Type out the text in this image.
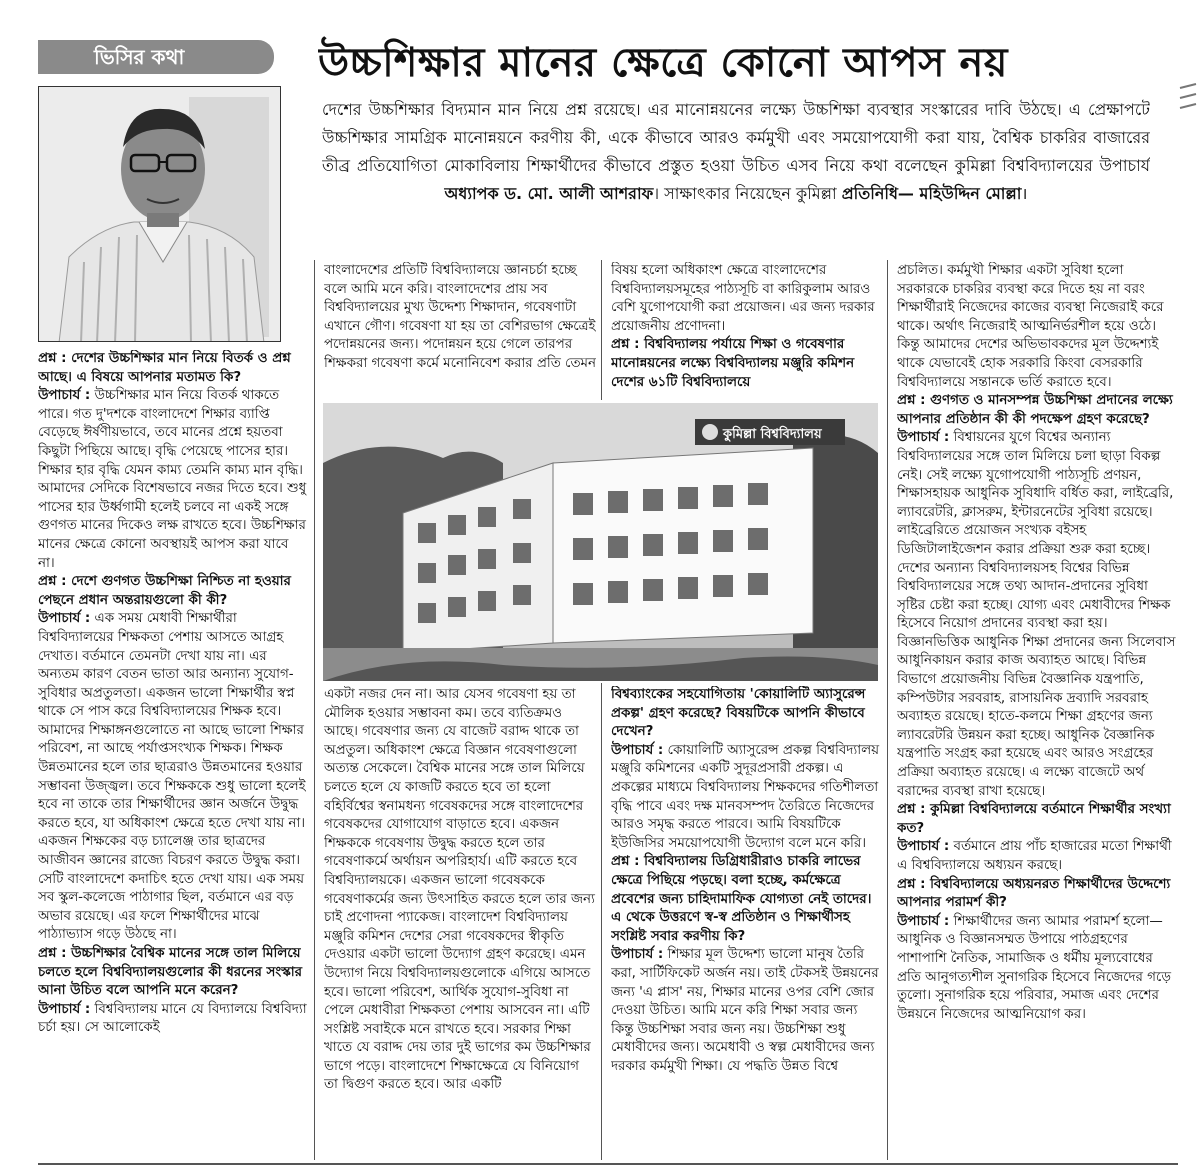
ভিসির কথা	উচ্চশিক্ষার মানের ক্ষেত্রে কোনো আপস নয়
দেশের উচ্চশিক্ষার বিদ্যমান মান নিয়ে প্রশ্ন রয়েছে। এর মানোন্নয়নের লক্ষ্যে উচ্চশিক্ষা ব্যবস্থার সংস্কারের দাবি উঠছে। এ প্রেক্ষাপটে উচ্চশিক্ষার সামগ্রিক মানোন্নয়নে করণীয় কী, একে কীভাবে আরও কর্মমুখী এবং সময়োপযোগী করা যায়, বৈশ্বিক চাকরির বাজারের তীব্র প্রতিযোগিতা মোকাবিলায় শিক্ষার্থীদের কীভাবে প্রস্তুত হওয়া উচিত এসব নিয়ে কথা বলেছেন কুমিল্লা বিশ্ববিদ্যালয়ের উপাচার্য অধ্যাপক ড. মো. আলী আশরাফ। সাক্ষাৎকার নিয়েছেন কুমিল্লা প্রতিনিধি— মহিউদ্দিন মোল্লা।
কুমিল্লা বিশ্ববিদ্যালয়

প্রশ্ন : দেশের উচ্চশিক্ষার মান নিয়ে বিতর্ক ও প্রশ্ন আছে। এ বিষয়ে আপনার মতামত কি?

উপাচার্য : উচ্চশিক্ষার মান নিয়ে বিতর্ক থাকতে পারে। গত দু'দশকে বাংলাদেশে শিক্ষার ব্যাপ্তি বেড়েছে ঈর্ষণীয়ভাবে, তবে মানের প্রশ্নে হয়তবা কিছুটা পিছিয়ে আছে। বৃদ্ধি পেয়েছে পাসের হার। শিক্ষার হার বৃদ্ধি যেমন কাম্য তেমনি কাম্য মান বৃদ্ধি। আমাদের সেদিকে বিশেষভাবে নজর দিতে হবে। শুধু পাসের হার উর্ধ্বগামী হলেই চলবে না একই সঙ্গে গুণগত মানের দিকেও লক্ষ রাখতে হবে। উচ্চশিক্ষার মানের ক্ষেত্রে কোনো অবস্থায়ই আপস করা যাবে না।

প্রশ্ন : দেশে গুণগত উচ্চশিক্ষা নিশ্চিত না হওয়ার পেছনে প্রধান অন্তরায়গুলো কী কী?

উপাচার্য : এক সময় মেধাবী শিক্ষার্থীরা বিশ্ববিদ্যালয়ের শিক্ষকতা পেশায় আসতে আগ্রহ দেখাত। বর্তমানে তেমনটা দেখা যায় না। এর অন্যতম কারণ বেতন ভাতা আর অন্যান্য সুযোগ-সুবিধার অপ্রতুলতা। একজন ভালো শিক্ষার্থীর স্বপ্ন থাকে সে পাস করে বিশ্ববিদ্যালয়ের শিক্ষক হবে। আমাদের শিক্ষাঙ্গনগুলোতে না আছে ভালো শিক্ষার পরিবেশ, না আছে পর্যাপ্তসংখ্যক শিক্ষক। শিক্ষক উন্নতমানের হলে তার ছাত্ররাও উন্নতমানের হওয়ার সম্ভাবনা উজ্জ্বল। তবে শিক্ষককে শুধু ভালো হলেই হবে না তাকে তার শিক্ষার্থীদের জ্ঞান অর্জনে উদ্বুদ্ধ করতে হবে, যা অধিকাংশ ক্ষেত্রে হতে দেখা যায় না। একজন শিক্ষকের বড় চ্যালেঞ্জ তার ছাত্রদের আজীবন জ্ঞানের রাজ্যে বিচরণ করতে উদ্বুদ্ধ করা। সেটি বাংলাদেশে কদাচিৎ হতে দেখা যায়। এক সময় সব স্কুল-কলেজে পাঠাগার ছিল, বর্তমানে এর বড় অভাব রয়েছে। এর ফলে শিক্ষার্থীদের মাঝে পাঠ্যাভ্যাস গড়ে উঠছে না।

প্রশ্ন : উচ্চশিক্ষার বৈশ্বিক মানের সঙ্গে তাল মিলিয়ে চলতে হলে বিশ্ববিদ্যালয়গুলোর কী ধরনের সংস্কার আনা উচিত বলে আপনি মনে করেন?

উপাচার্য : বিশ্ববিদ্যালয় মানে যে বিদ্যালয়ে বিশ্ববিদ্যা চর্চা হয়। সে আলোকেই

বাংলাদেশের প্রতিটি বিশ্ববিদ্যালয়ে জ্ঞানচর্চা হচ্ছে বলে আমি মনে করি। বাংলাদেশের প্রায় সব বিশ্ববিদ্যালয়ের মুখ্য উদ্দেশ্য শিক্ষাদান, গবেষণাটা এখানে গৌণ। গবেষণা যা হয় তা বেশিরভাগ ক্ষেত্রেই পদোন্নয়নের জন্য। পদোন্নয়ন হয়ে গেলে তারপর শিক্ষকরা গবেষণা কর্মে মনোনিবেশ করার প্রতি তেমন

বিষয় হলো অধিকাংশ ক্ষেত্রে বাংলাদেশের বিশ্ববিদ্যালয়সমূহের পাঠ্যসূচি বা কারিকুলাম আরও বেশি যুগোপযোগী করা প্রয়োজন। এর জন্য দরকার প্রয়োজনীয় প্রণোদনা।

প্রশ্ন : বিশ্ববিদ্যালয় পর্যায়ে শিক্ষা ও গবেষণার মানোন্নয়নের লক্ষ্যে বিশ্ববিদ্যালয় মঞ্জুরি কমিশন দেশের ৬১টি বিশ্ববিদ্যালয়ে

একটা নজর দেন না। আর যেসব গবেষণা হয় তা মৌলিক হওয়ার সম্ভাবনা কম। তবে ব্যতিক্রমও আছে। গবেষণার জন্য যে বাজেট বরাদ্দ থাকে তা অপ্রতুল। অধিকাংশ ক্ষেত্রে বিজ্ঞান গবেষণাগুলো অত্যন্ত সেকেলে। বৈশ্বিক মানের সঙ্গে তাল মিলিয়ে চলতে হলে যে কাজটি করতে হবে তা হলো বহির্বিশ্বের স্বনামধন্য গবেষকদের সঙ্গে বাংলাদেশের গবেষকদের যোগাযোগ বাড়াতে হবে। একজন শিক্ষককে গবেষণায় উদ্বুদ্ধ করতে হলে তার গবেষণাকর্মে অর্থায়ন অপরিহার্য। এটি করতে হবে বিশ্ববিদ্যালয়কে। একজন ভালো গবেষককে গবেষণাকর্মের জন্য উৎসাহিত করতে হলে তার জন্য চাই প্রণোদনা প্যাকেজ। বাংলাদেশ বিশ্ববিদ্যালয় মঞ্জুরি কমিশন দেশের সেরা গবেষকদের স্বীকৃতি দেওয়ার একটা ভালো উদ্যোগ গ্রহণ করেছে। এমন উদ্যোগ নিয়ে বিশ্ববিদ্যালয়গুলোকে এগিয়ে আসতে হবে। ভালো পরিবেশ, আর্থিক সুযোগ-সুবিধা না পেলে মেধাবীরা শিক্ষকতা পেশায় আসবেন না। এটি সংশ্লিষ্ট সবাইকে মনে রাখতে হবে। সরকার শিক্ষা খাতে যে বরাদ্দ দেয় তার দুই ভাগের কম উচ্চশিক্ষার ভাগে পড়ে। বাংলাদেশে শিক্ষাক্ষেত্রে যে বিনিয়োগ তা দ্বিগুণ করতে হবে। আর একটি

বিশ্বব্যাংকের সহযোগিতায় 'কোয়ালিটি অ্যাসুরেন্স প্রকল্প' গ্রহণ করেছে? বিষয়টিকে আপনি কীভাবে দেখেন?

উপাচার্য : কোয়ালিটি অ্যাসুরেন্স প্রকল্প বিশ্ববিদ্যালয় মঞ্জুরি কমিশনের একটি সুদূরপ্রসারী প্রকল্প। এ প্রকল্পের মাধ্যমে বিশ্ববিদ্যালয় শিক্ষকদের গতিশীলতা বৃদ্ধি পাবে এবং দক্ষ মানবসম্পদ তৈরিতে নিজেদের আরও সমৃদ্ধ করতে পারবে। আমি বিষয়টিকে ইউজিসির সময়োপযোগী উদ্যোগ বলে মনে করি।

প্রশ্ন : বিশ্ববিদ্যালয় ডিগ্রিধারীরাও চাকরি লাভের ক্ষেত্রে পিছিয়ে পড়ছে। বলা হচ্ছে, কর্মক্ষেত্রে প্রবেশের জন্য চাহিদামাফিক যোগ্যতা নেই তাদের। এ থেকে উত্তরণে স্ব-স্ব প্রতিষ্ঠান ও শিক্ষার্থীসহ সংশ্লিষ্ট সবার করণীয় কি?

উপাচার্য : শিক্ষার মূল উদ্দেশ্য ভালো মানুষ তৈরি করা, সার্টিফিকেট অর্জন নয়। তাই টেকসই উন্নয়নের জন্য 'এ প্লাস' নয়, শিক্ষার মানের ওপর বেশি জোর দেওয়া উচিত। আমি মনে করি শিক্ষা সবার জন্য কিন্তু উচ্চশিক্ষা সবার জন্য নয়। উচ্চশিক্ষা শুধু মেধাবীদের জন্য। অমেধাবী ও স্বল্প মেধাবীদের জন্য দরকার কর্মমুখী শিক্ষা। যে পদ্ধতি উন্নত বিশ্বে

প্রচলিত। কর্মমুখী শিক্ষার একটা সুবিধা হলো সরকারকে চাকরির ব্যবস্থা করে দিতে হয় না বরং শিক্ষার্থীরাই নিজেদের কাজের ব্যবস্থা নিজেরাই করে থাকে। অর্থাৎ নিজেরাই আত্মনির্ভরশীল হয়ে ওঠে। কিন্তু আমাদের দেশের অভিভাবকদের মূল উদ্দেশ্যই থাকে যেভাবেই হোক সরকারি কিংবা বেসরকারি বিশ্ববিদ্যালয়ে সন্তানকে ভর্তি করাতে হবে।

প্রশ্ন : গুণগত ও মানসম্পন্ন উচ্চশিক্ষা প্রদানের লক্ষ্যে আপনার প্রতিষ্ঠান কী কী পদক্ষেপ গ্রহণ করেছে?

উপাচার্য : বিশ্বায়নের যুগে বিশ্বের অন্যান্য বিশ্ববিদ্যালয়ের সঙ্গে তাল মিলিয়ে চলা ছাড়া বিকল্প নেই। সেই লক্ষ্যে যুগোপযোগী পাঠ্যসূচি প্রণয়ন, শিক্ষাসহায়ক আধুনিক সুবিধাদি বর্ধিত করা, লাইব্রেরি, ল্যাবরেটরি, ক্লাসরুম, ইন্টারনেটের সুবিধা রয়েছে। লাইব্রেরিতে প্রয়োজন সংখ্যক বইসহ ডিজিটালাইজেশন করার প্রক্রিয়া শুরু করা হচ্ছে। দেশের অন্যান্য বিশ্ববিদ্যালয়সহ বিশ্বের বিভিন্ন বিশ্ববিদ্যালয়ের সঙ্গে তথ্য আদান-প্রদানের সুবিধা সৃষ্টির চেষ্টা করা হচ্ছে। যোগ্য এবং মেধাবীদের শিক্ষক হিসেবে নিয়োগ প্রদানের ব্যবস্থা করা হয়। বিজ্ঞানভিত্তিক আধুনিক শিক্ষা প্রদানের জন্য সিলেবাস আধুনিকায়ন করার কাজ অব্যাহত আছে। বিভিন্ন বিভাগে প্রয়োজনীয় বিভিন্ন বৈজ্ঞানিক যন্ত্রপাতি, কম্পিউটার সরবরাহ, রাসায়নিক দ্রব্যাদি সরবরাহ অব্যাহত রয়েছে। হাতে-কলমে শিক্ষা গ্রহণের জন্য ল্যাবরেটরি উন্নয়ন করা হচ্ছে। আধুনিক বৈজ্ঞানিক যন্ত্রপাতি সংগ্রহ করা হয়েছে এবং আরও সংগ্রহের প্রক্রিয়া অব্যাহত রয়েছে। এ লক্ষ্যে বাজেটে অর্থ বরাদ্দের ব্যবস্থা রাখা হয়েছে।

প্রশ্ন : কুমিল্লা বিশ্ববিদ্যালয়ে বর্তমানে শিক্ষার্থীর সংখ্যা কত?

উপাচার্য : বর্তমানে প্রায় পাঁচ হাজারের মতো শিক্ষার্থী এ বিশ্ববিদ্যালয়ে অধ্যয়ন করছে।

প্রশ্ন : বিশ্ববিদ্যালয়ে অধ্যয়নরত শিক্ষার্থীদের উদ্দেশ্যে আপনার পরামর্শ কী?

উপাচার্য : শিক্ষার্থীদের জন্য আমার পরামর্শ হলো— আধুনিক ও বিজ্ঞানসম্মত উপায়ে পাঠগ্রহণের পাশাপাশি নৈতিক, সামাজিক ও ধর্মীয় মূল্যবোধের প্রতি আনুগত্যশীল সুনাগরিক হিসেবে নিজেদের গড়ে তুলো। সুনাগরিক হয়ে পরিবার, সমাজ এবং দেশের উন্নয়নে নিজেদের আত্মনিয়োগ কর।
